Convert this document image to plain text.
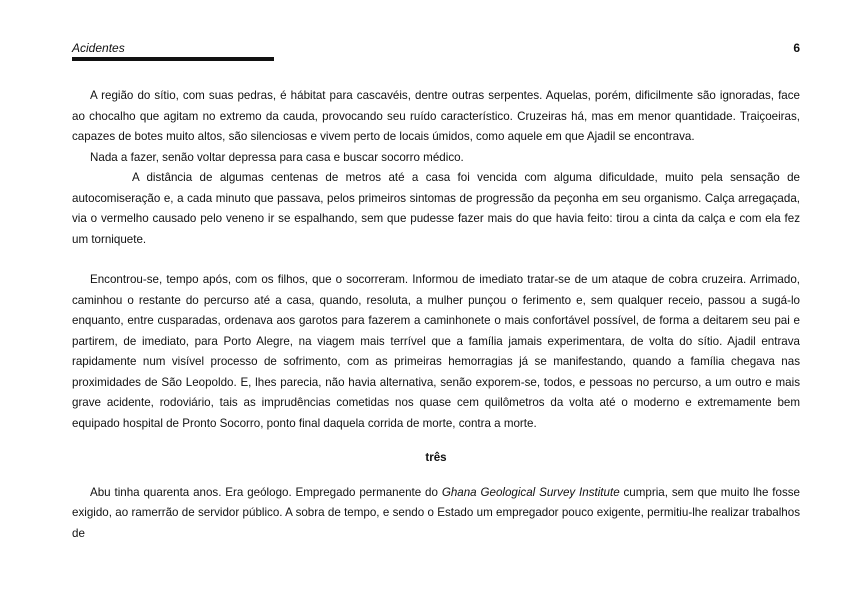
Acidentes	6

A região do sítio, com suas pedras, é hábitat para cascavéis, dentre outras serpentes. Aquelas, porém, dificilmente são ignoradas, face ao chocalho que agitam no extremo da cauda, provocando seu ruído característico. Cruzeiras há, mas em menor quantidade. Traiçoeiras, capazes de botes muito altos, são silenciosas e vivem perto de locais úmidos, como aquele em que Ajadil se encontrava.

Nada a fazer, senão voltar depressa para casa e buscar socorro médico.

A distância de algumas centenas de metros até a casa foi vencida com alguma dificuldade, muito pela sensação de autocomiseração e, a cada minuto que passava, pelos primeiros sintomas de progressão da peçonha em seu organismo. Calça arregaçada, via o vermelho causado pelo veneno ir se espalhando, sem que pudesse fazer mais do que havia feito: tirou a cinta da calça e com ela fez um torniquete.

Encontrou-se, tempo após, com os filhos, que o socorreram. Informou de imediato tratar-se de um ataque de cobra cruzeira. Arrimado, caminhou o restante do percurso até a casa, quando, resoluta, a mulher punçou o ferimento e, sem qualquer receio, passou a sugá-lo enquanto, entre cusparadas, ordenava aos garotos para fazerem a caminhonete o mais confortável possível, de forma a deitarem seu pai e partirem, de imediato, para Porto Alegre, na viagem mais terrível que a família jamais experimentara, de volta do sítio. Ajadil entrava rapidamente num visível processo de sofrimento, com as primeiras hemorragias já se manifestando, quando a família chegava nas proximidades de São Leopoldo. E, lhes parecia, não havia alternativa, senão exporem-se, todos, e pessoas no percurso, a um outro e mais grave acidente, rodoviário, tais as imprudências cometidas nos quase cem quilômetros da volta até o moderno e extremamente bem equipado hospital de Pronto Socorro, ponto final daquela corrida de morte, contra a morte.

três

Abu tinha quarenta anos. Era geólogo. Empregado permanente do Ghana Geological Survey Institute cumpria, sem que muito lhe fosse exigido, ao ramerrão de servidor público. A sobra de tempo, e sendo o Estado um empregador pouco exigente, permitiu-lhe realizar trabalhos de
